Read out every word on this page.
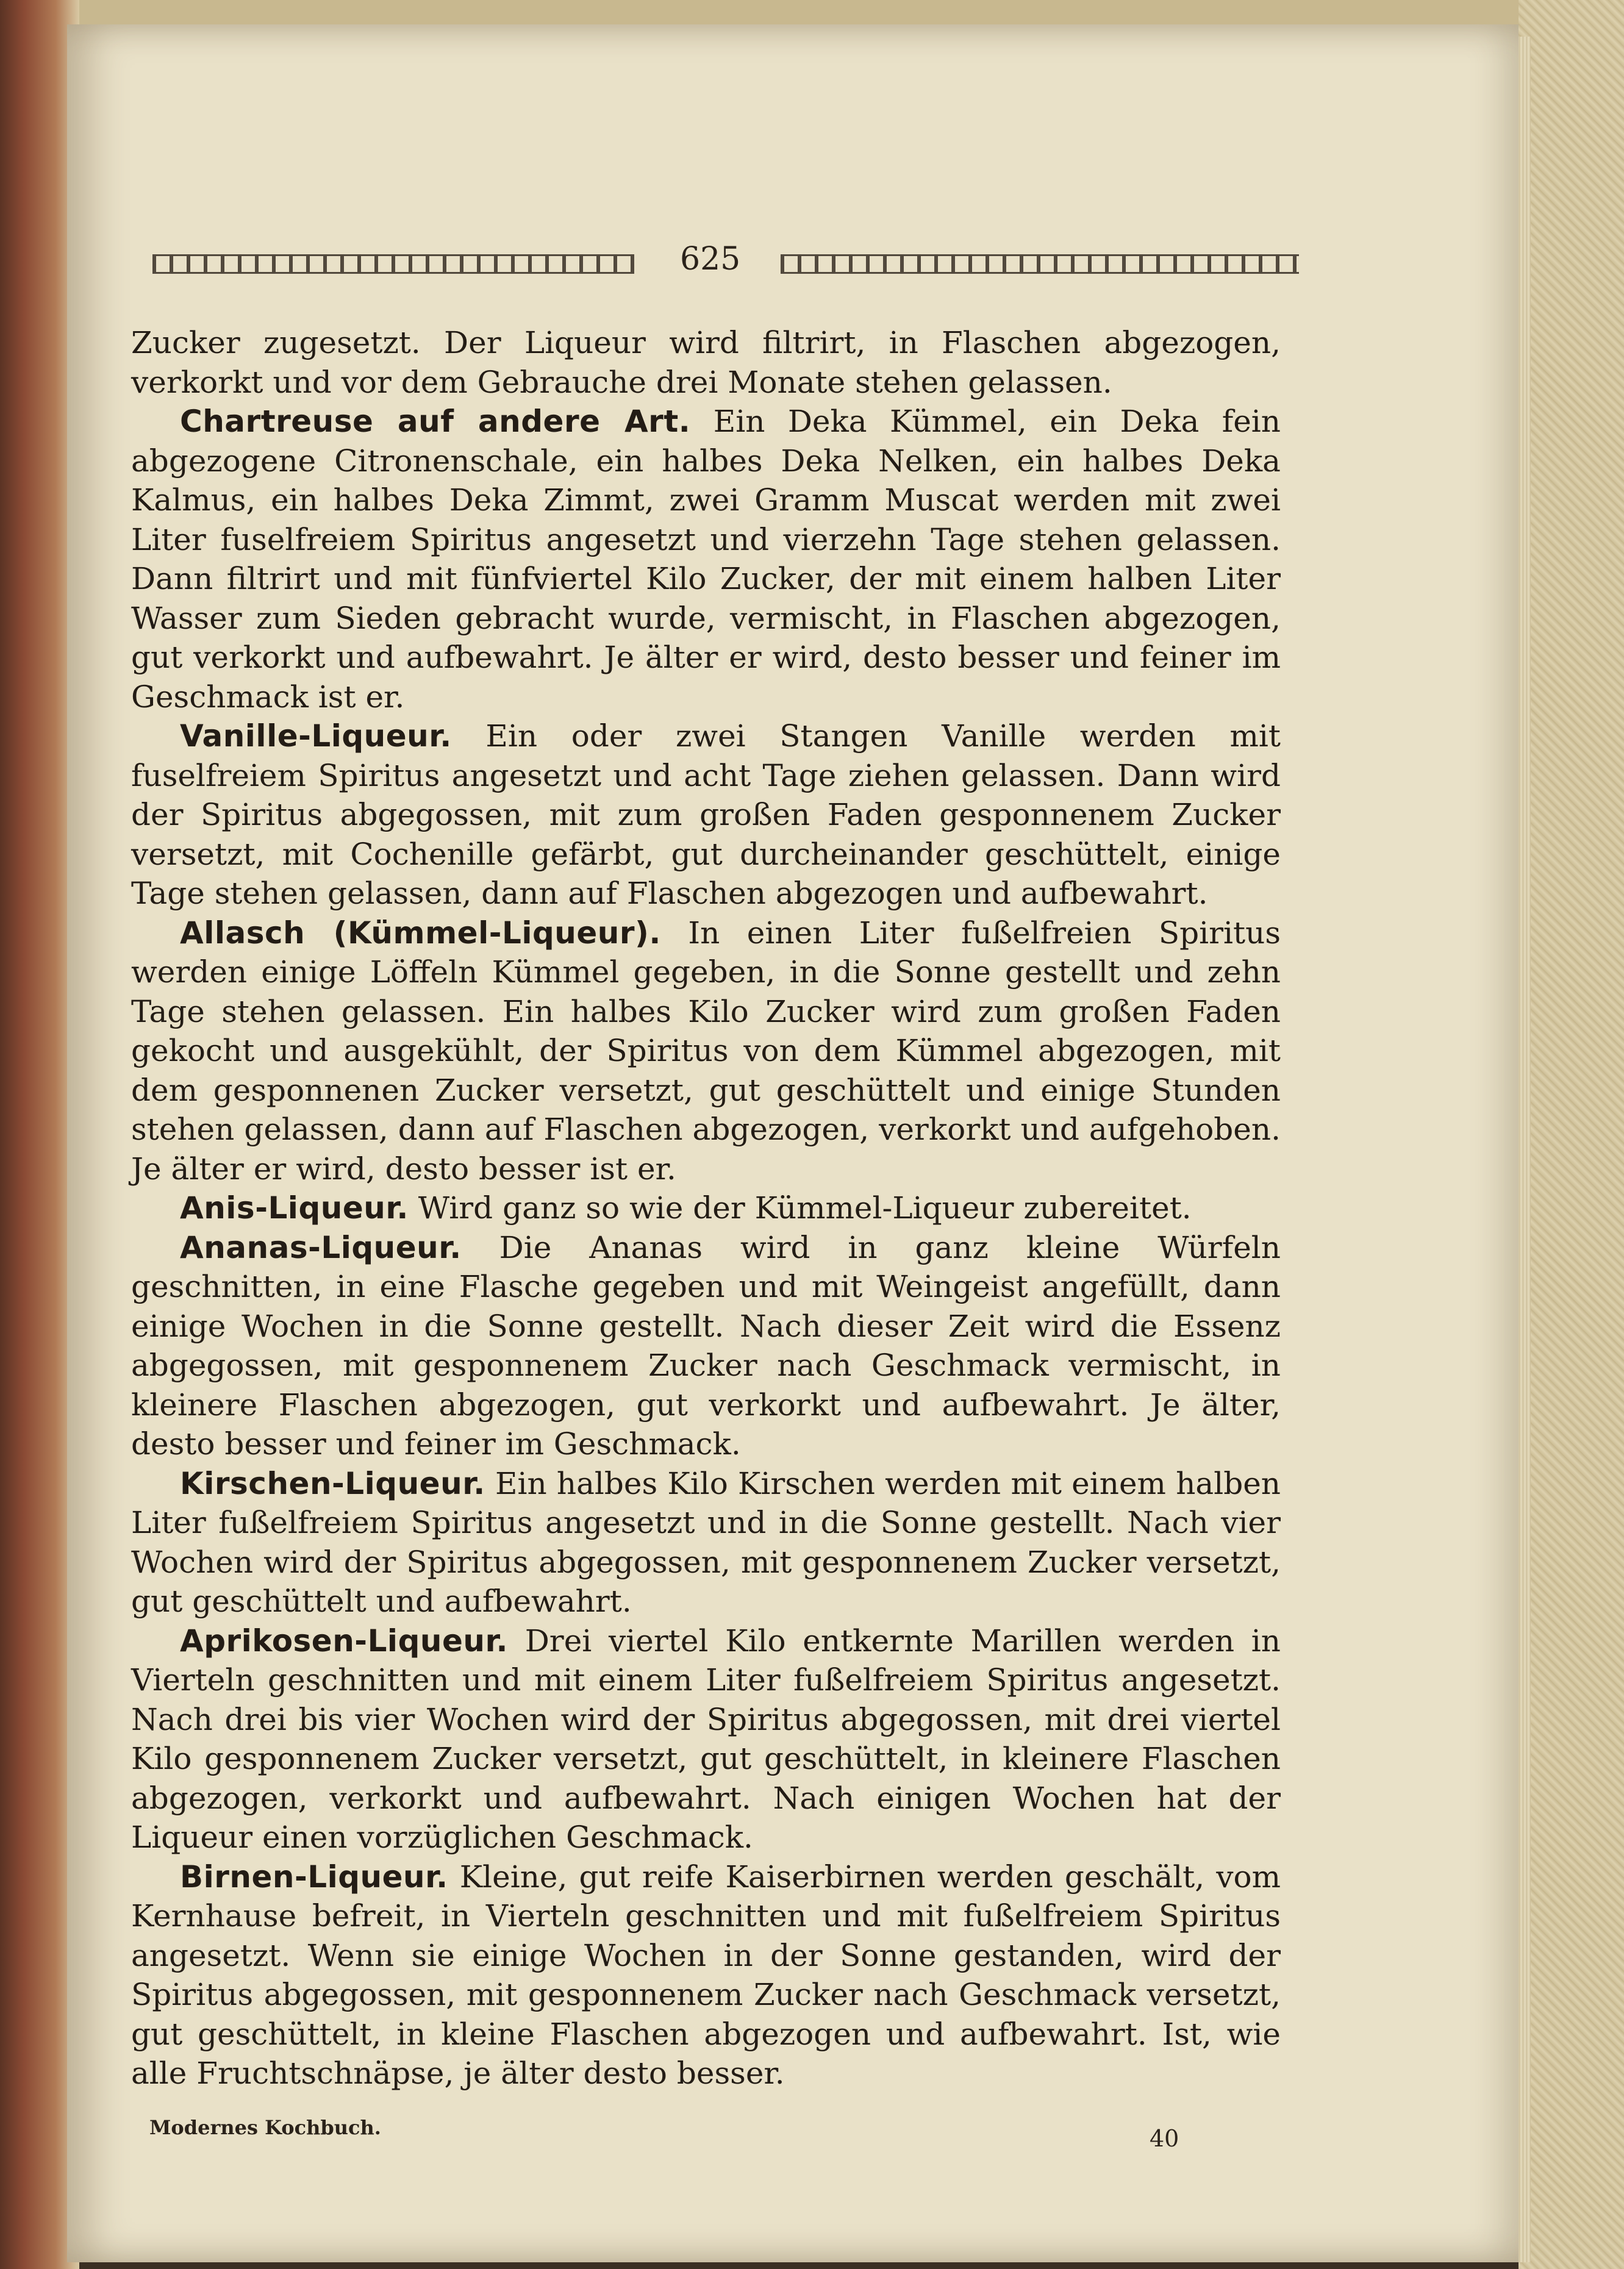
625

Zucker zugesetzt. Der Liqueur wird filtrirt, in Flaschen abgezogen, verkorkt und vor dem Gebrauche drei Monate stehen gelassen.

Chartreuse auf andere Art. Ein Deka Kümmel, ein Deka fein abgezogene Citronenschale, ein halbes Deka Nelken, ein halbes Deka Kalmus, ein halbes Deka Zimmt, zwei Gramm Muscat werden mit zwei Liter fuselfreiem Spiritus angesetzt und vierzehn Tage stehen gelassen. Dann filtrirt und mit fünfviertel Kilo Zucker, der mit einem halben Liter Wasser zum Sieden gebracht wurde, vermischt, in Flaschen abgezogen, gut verkorkt und aufbewahrt. Je älter er wird, desto besser und feiner im Geschmack ist er.

Vanille-Liqueur. Ein oder zwei Stangen Vanille werden mit fuselfreiem Spiritus angesetzt und acht Tage ziehen gelassen. Dann wird der Spiritus abgegossen, mit zum großen Faden gesponnenem Zucker versetzt, mit Cochenille gefärbt, gut durcheinander geschüttelt, einige Tage stehen gelassen, dann auf Flaschen abgezogen und aufbewahrt.

Allasch (Kümmel-Liqueur). In einen Liter fußelfreien Spiritus werden einige Löffeln Kümmel gegeben, in die Sonne gestellt und zehn Tage stehen gelassen. Ein halbes Kilo Zucker wird zum großen Faden gekocht und ausgekühlt, der Spiritus von dem Kümmel abgezogen, mit dem gesponnenen Zucker versetzt, gut geschüttelt und einige Stunden stehen gelassen, dann auf Flaschen abgezogen, verkorkt und aufgehoben. Je älter er wird, desto besser ist er.

Anis-Liqueur. Wird ganz so wie der Kümmel-Liqueur zubereitet.

Ananas-Liqueur. Die Ananas wird in ganz kleine Würfeln geschnitten, in eine Flasche gegeben und mit Weingeist angefüllt, dann einige Wochen in die Sonne gestellt. Nach dieser Zeit wird die Essenz abgegossen, mit gesponnenem Zucker nach Geschmack vermischt, in kleinere Flaschen abgezogen, gut verkorkt und aufbewahrt. Je älter, desto besser und feiner im Geschmack.

Kirschen-Liqueur. Ein halbes Kilo Kirschen werden mit einem halben Liter fußelfreiem Spiritus angesetzt und in die Sonne gestellt. Nach vier Wochen wird der Spiritus abgegossen, mit gesponnenem Zucker versetzt, gut geschüttelt und aufbewahrt.

Aprikosen-Liqueur. Drei viertel Kilo entkernte Marillen werden in Vierteln geschnitten und mit einem Liter fußelfreiem Spiritus angesetzt. Nach drei bis vier Wochen wird der Spiritus abgegossen, mit drei viertel Kilo gesponnenem Zucker versetzt, gut geschüttelt, in kleinere Flaschen abgezogen, verkorkt und aufbewahrt. Nach einigen Wochen hat der Liqueur einen vorzüglichen Geschmack.

Birnen-Liqueur. Kleine, gut reife Kaiserbirnen werden geschält, vom Kernhause befreit, in Vierteln geschnitten und mit fußelfreiem Spiritus angesetzt. Wenn sie einige Wochen in der Sonne gestanden, wird der Spiritus abgegossen, mit gesponnenem Zucker nach Geschmack versetzt, gut geschüttelt, in kleine Flaschen abgezogen und aufbewahrt. Ist, wie alle Fruchtschnäpse, je älter desto besser.

Modernes Kochbuch.	40
